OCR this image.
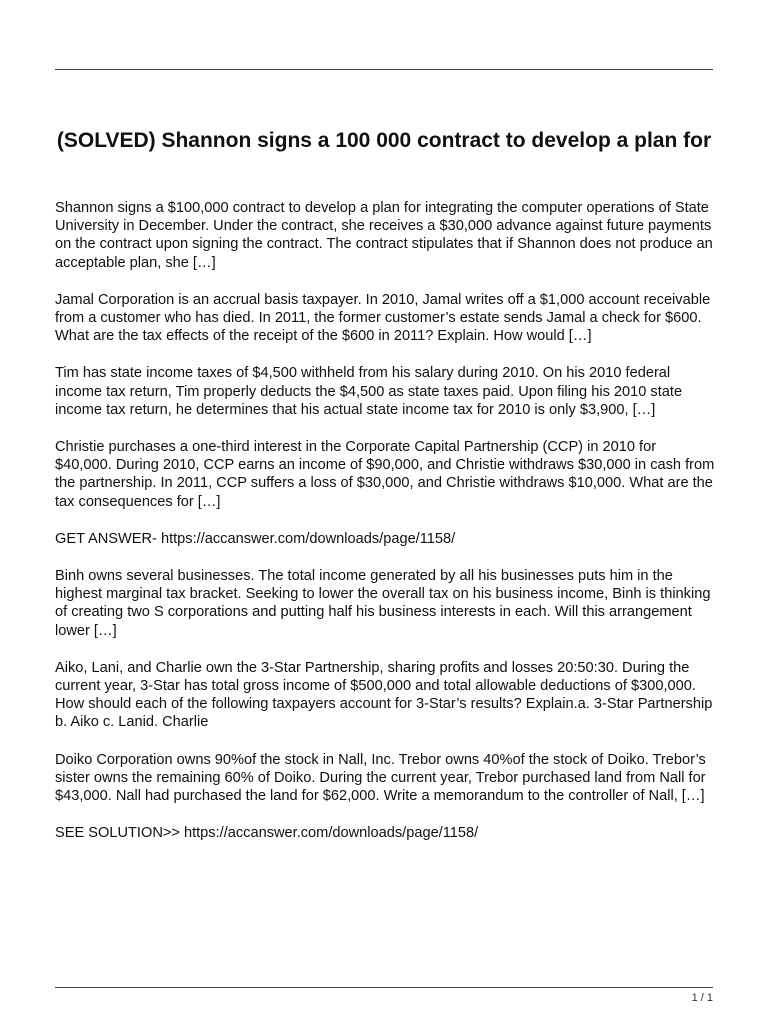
(SOLVED) Shannon signs a 100 000 contract to develop a plan for

Shannon signs a $100,000 contract to develop a plan for integrating the computer operations of State University in December. Under the contract, she receives a $30,000 advance against future payments on the contract upon signing the contract. The contract stipulates that if Shannon does not produce an acceptable plan, she […]

Jamal Corporation is an accrual basis taxpayer. In 2010, Jamal writes off a $1,000 account receivable from a customer who has died. In 2011, the former customer’s estate sends Jamal a check for $600. What are the tax effects of the receipt of the $600 in 2011? Explain. How would […]

Tim has state income taxes of $4,500 withheld from his salary during 2010. On his 2010 federal income tax return, Tim properly deducts the $4,500 as state taxes paid. Upon filing his 2010 state income tax return, he determines that his actual state income tax for 2010 is only $3,900, […]

Christie purchases a one-third interest in the Corporate Capital Partnership (CCP) in 2010 for $40,000. During 2010, CCP earns an income of $90,000, and Christie withdraws $30,000 in cash from the partnership. In 2011, CCP suffers a loss of $30,000, and Christie withdraws $10,000. What are the tax consequences for […]

GET ANSWER- https://accanswer.com/downloads/page/1158/

Binh owns several businesses. The total income generated by all his businesses puts him in the highest marginal tax bracket. Seeking to lower the overall tax on his business income, Binh is thinking of creating two S corporations and putting half his business interests in each. Will this arrangement lower […]

Aiko, Lani, and Charlie own the 3-Star Partnership, sharing profits and losses 20:50:30. During the current year, 3-Star has total gross income of $500,000 and total allowable deductions of $300,000. How should each of the following taxpayers account for 3-Star’s results? Explain.a. 3-Star Partnership b. Aiko c. Lanid. Charlie

Doiko Corporation owns 90%of the stock in Nall, Inc. Trebor owns 40%of the stock of Doiko. Trebor’s sister owns the remaining 60% of Doiko. During the current year, Trebor purchased land from Nall for $43,000. Nall had purchased the land for $62,000. Write a memorandum to the controller of Nall, […]

SEE SOLUTION>> https://accanswer.com/downloads/page/1158/

1 / 1
